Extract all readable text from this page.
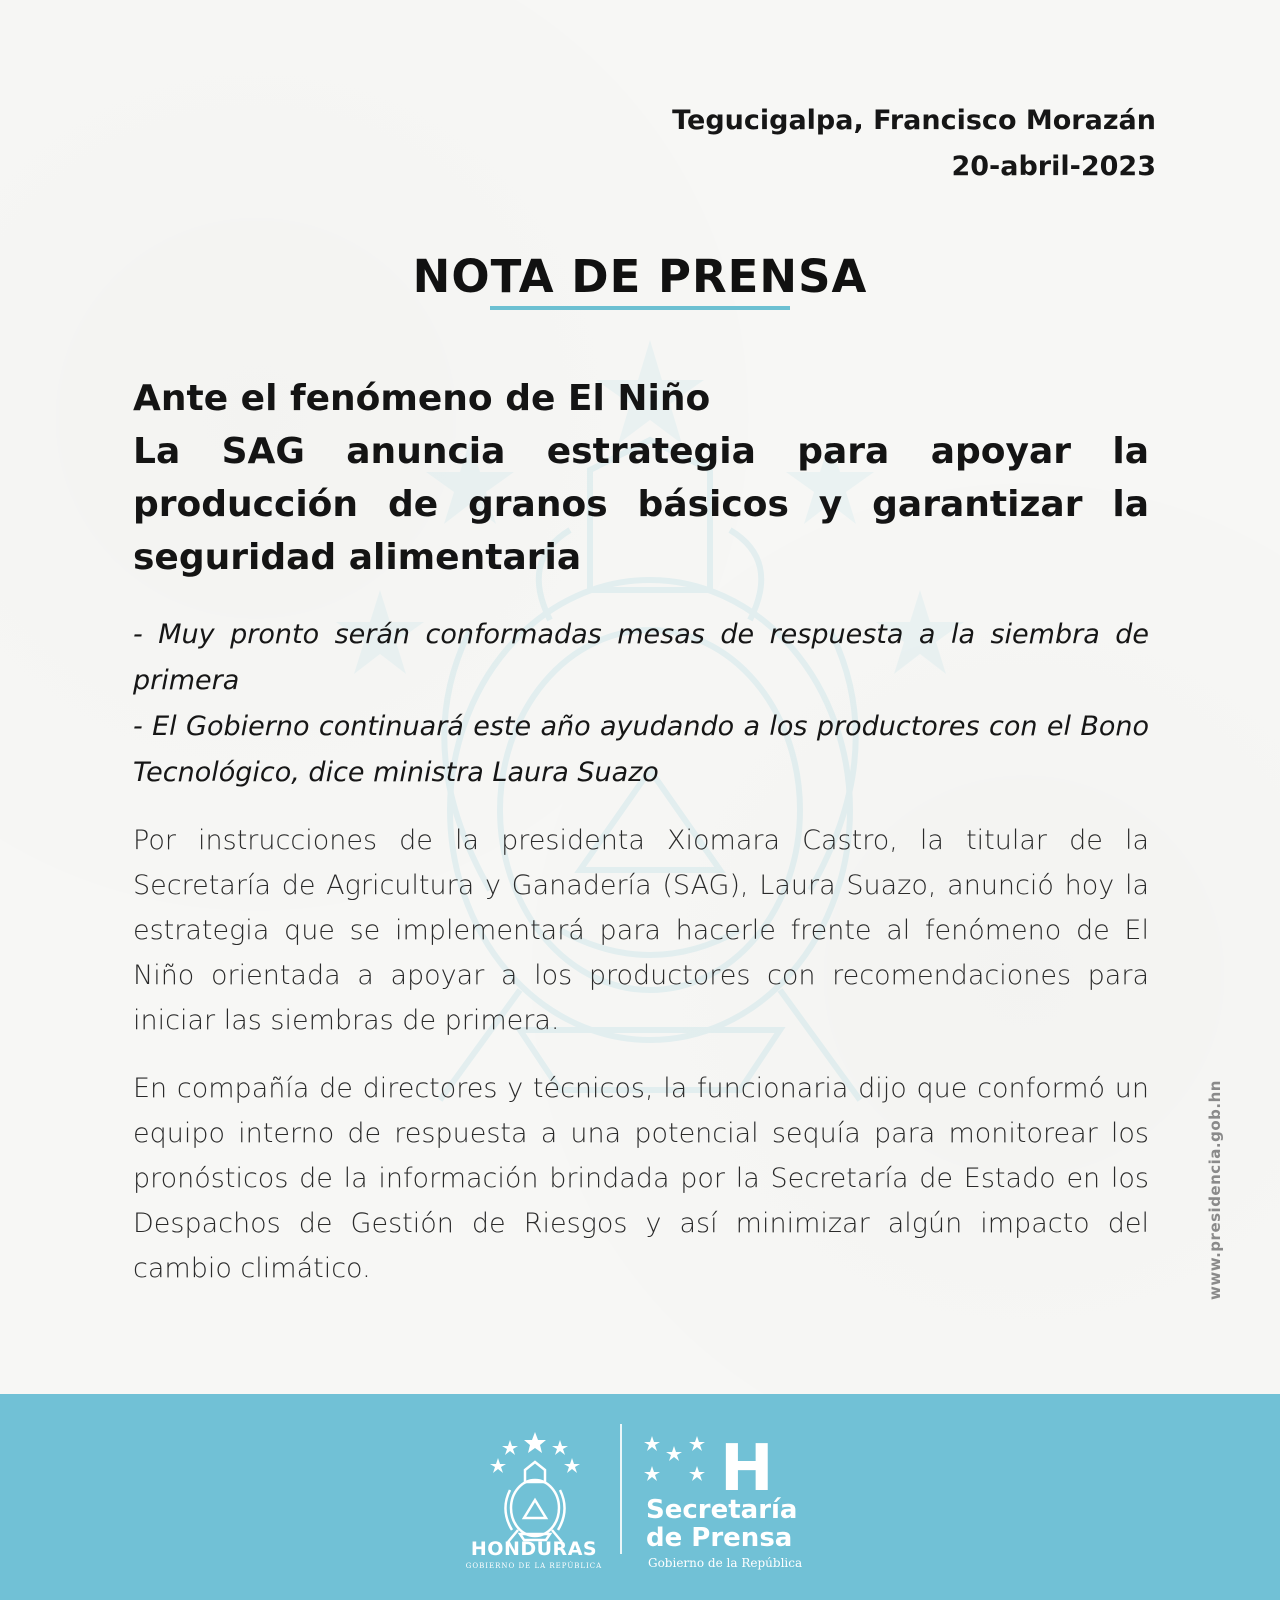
Tegucigalpa, Francisco Morazán
20-abril-2023
NOTA DE PRENSA
Ante el fenómeno de El Niño
La SAG anuncia estrategia para apoyar la producción de granos básicos y garantizar la seguridad alimentaria

- Muy pronto serán conformadas mesas de respuesta a la siembra de primera

- El Gobierno continuará este año ayudando a los productores con el Bono Tecnológico, dice ministra Laura Suazo

Por instrucciones de la presidenta Xiomara Castro, la titular de la Secretaría de Agricultura y Ganadería (SAG), Laura Suazo, anunció hoy la estrategia que se implementará para hacerle frente al fenómeno de El Niño orientada a apoyar a los productores con recomendaciones para iniciar las siembras de primera.

En compañía de directores y técnicos, la funcionaria dijo que conformó un equipo interno de respuesta a una potencial sequía para monitorear los pronósticos de la información brindada por la Secretaría de Estado en los Despachos de Gestión de Riesgos y así minimizar algún impacto del cambio climático.	www.presidencia.gob.hn
HONDURAS
GOBIERNO DE LA REPÚBLICA
H
Secretaría
de Prensa
Gobierno de la República
